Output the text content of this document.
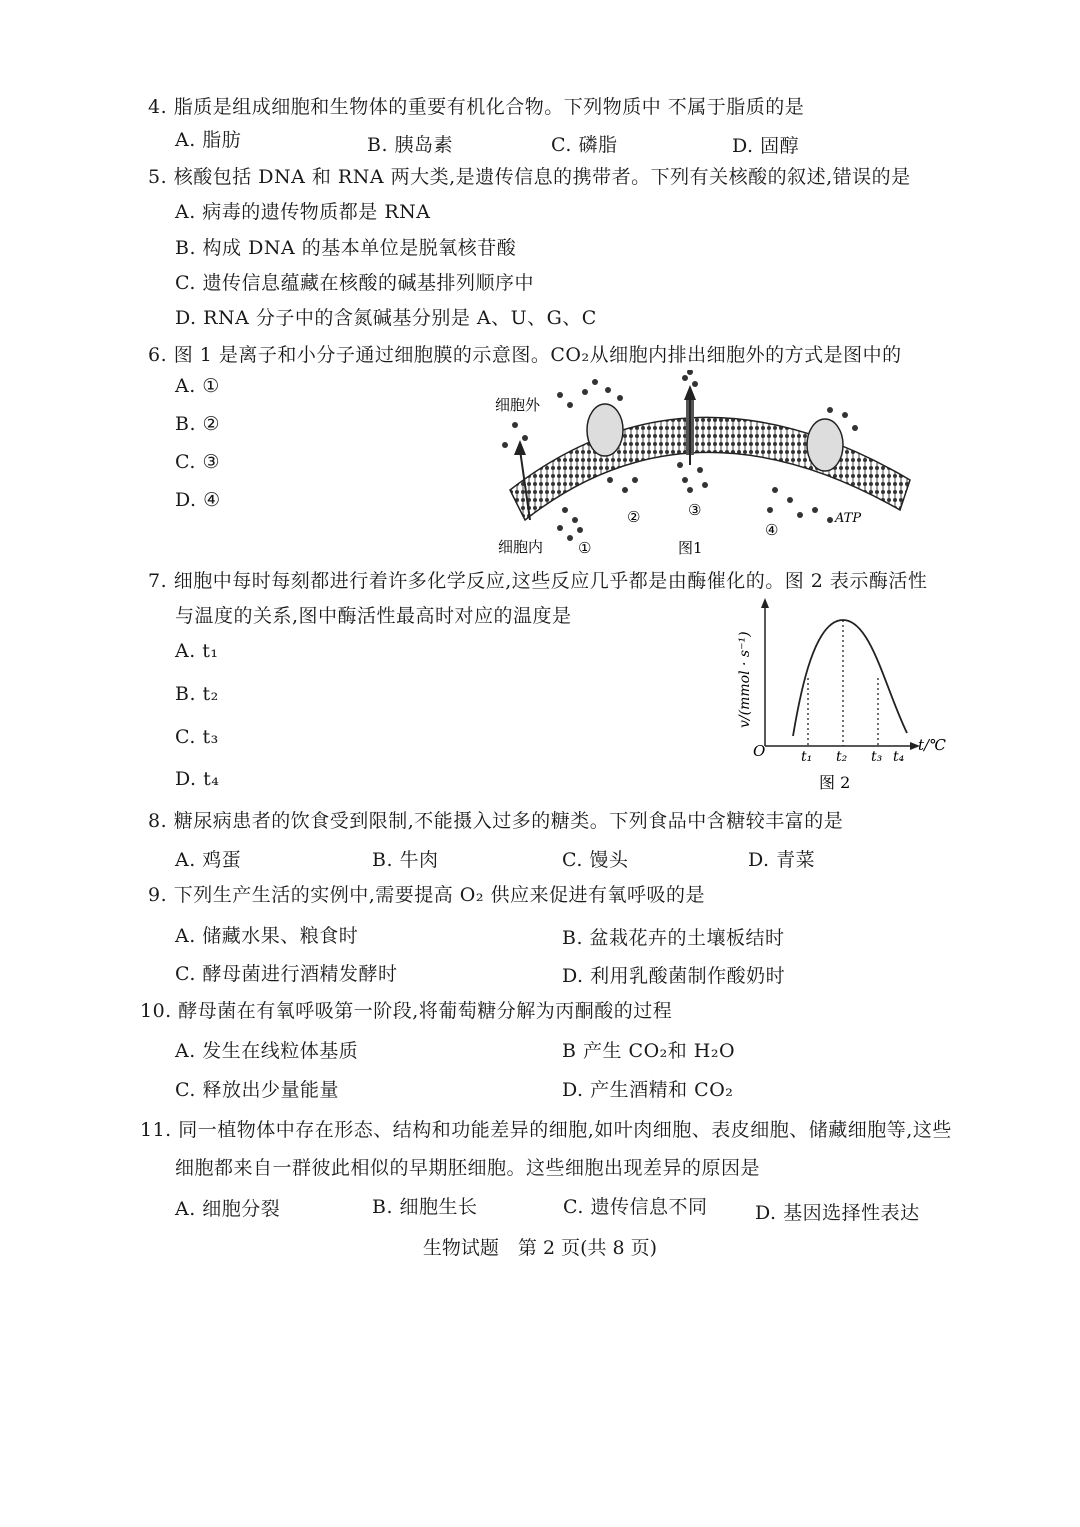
4. 脂质是组成细胞和生物体的重要有机化合物。下列物质中 不属于脂质的是
A. 脂肪	B. 胰岛素	C. 磷脂	D. 固醇
5. 核酸包括 DNA 和 RNA 两大类,是遗传信息的携带者。下列有关核酸的叙述,错误的是
A. 病毒的遗传物质都是 RNA
B. 构成 DNA 的基本单位是脱氧核苷酸
C. 遗传信息蕴藏在核酸的碱基排列顺序中
D. RNA 分子中的含氮碱基分别是 A、U、G、C
6. 图 1 是离子和小分子通过细胞膜的示意图。CO₂从细胞内排出细胞外的方式是图中的
A. ①
B. ②
C. ③
D. ④
ATP
①
②	③
④
细胞外
细胞内	图1
7. 细胞中每时每刻都进行着许多化学反应,这些反应几乎都是由酶催化的。图 2 表示酶活性
与温度的关系,图中酶活性最高时对应的温度是
A. t₁
B. t₂
C. t₃
D. t₄
v/(mmol · s⁻¹)
O	t₁ t₂ t₃ t₄
t/℃
图 2
8. 糖尿病患者的饮食受到限制,不能摄入过多的糖类。下列食品中含糖较丰富的是
A. 鸡蛋	B. 牛肉	C. 馒头	D. 青菜
9. 下列生产生活的实例中,需要提高 O₂ 供应来促进有氧呼吸的是
A. 储藏水果、粮食时	B. 盆栽花卉的土壤板结时
C. 酵母菌进行酒精发酵时	D. 利用乳酸菌制作酸奶时
10. 酵母菌在有氧呼吸第一阶段,将葡萄糖分解为丙酮酸的过程
A. 发生在线粒体基质	B 产生 CO₂和 H₂O
C. 释放出少量能量	D. 产生酒精和 CO₂
11. 同一植物体中存在形态、结构和功能差异的细胞,如叶肉细胞、表皮细胞、储藏细胞等,这些
细胞都来自一群彼此相似的早期胚细胞。这些细胞出现差异的原因是
A. 细胞分裂	B. 细胞生长	C. 遗传信息不同	D. 基因选择性表达
生物试题　第 2 页(共 8 页)
